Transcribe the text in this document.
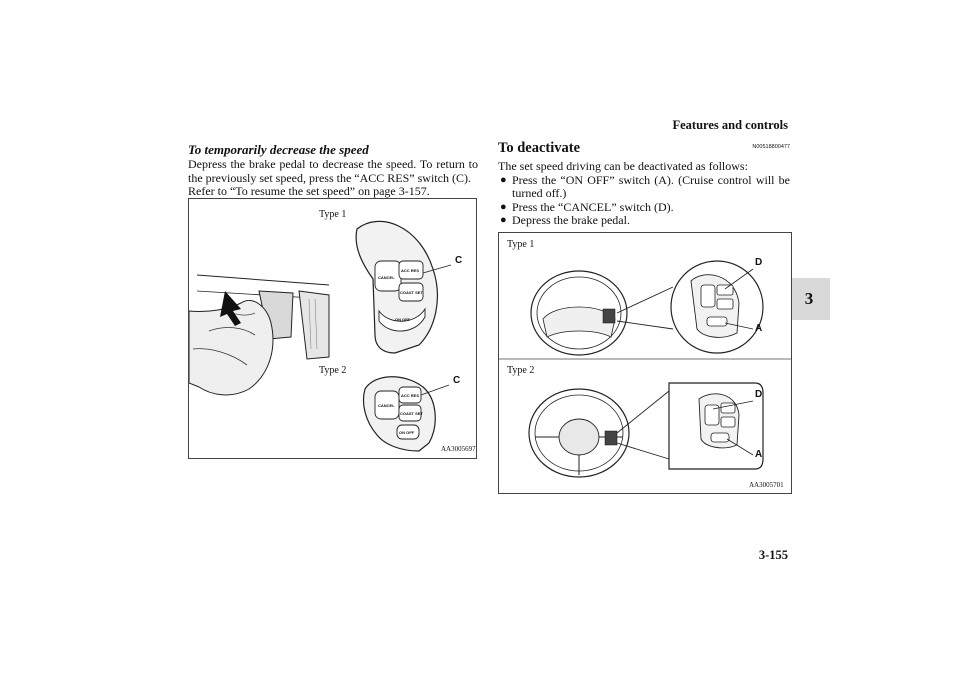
Features and controls
3
To temporarily decrease the speed
Depress the brake pedal to decrease the speed. To return to the previously set speed, press the “ACC RES” switch (C).
Refer to “To resume the set speed” on page 3-157.
CANCEL
ACC RES
COAST SET
ON OFF
CANCEL
ACC RES
COAST SET
ON OFF
Type 1
Type 2
C
C
AA3005697
To deactivate	N00518800477
The set speed driving can be deactivated as follows:
● Press the “ON OFF” switch (A). (Cruise control will be turned off.)
● Press the “CANCEL” switch (D).
● Depress the brake pedal.
Type 1
Type 2
D
A
D
A
AA3005701
3-155
